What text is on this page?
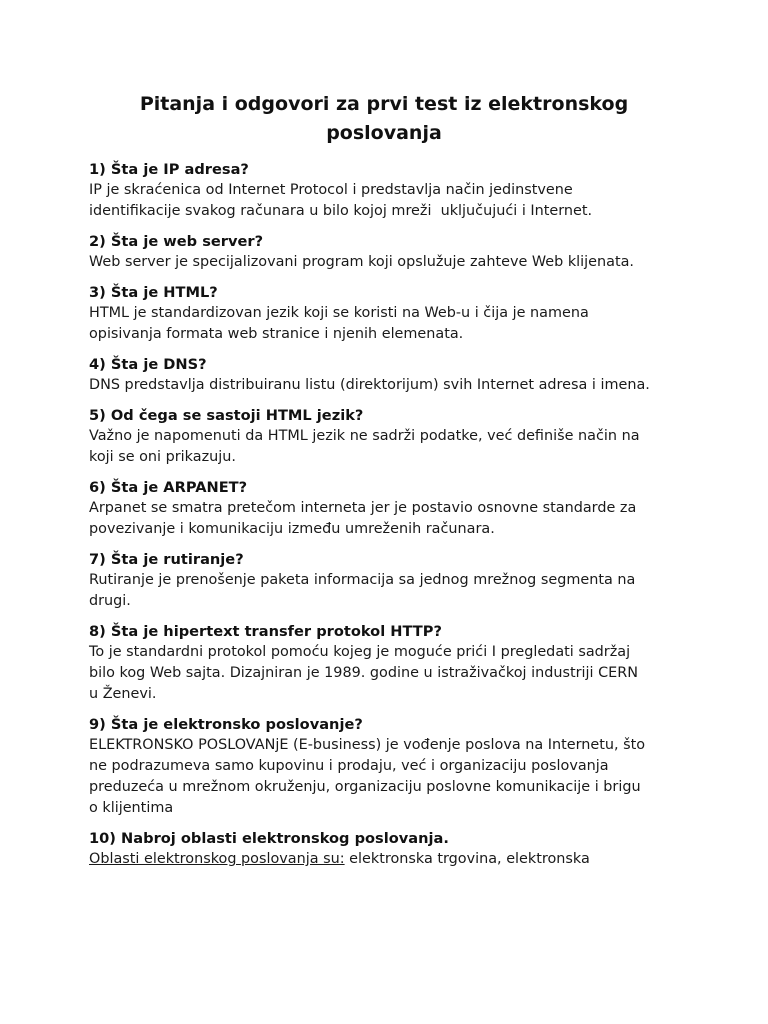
Pitanja i odgovori za prvi test iz elektronskog
poslovanja

1) Šta je IP adresa?

IP je skraćenica od Internet Protocol i predstavlja način jedinstvene
identifikacije svakog računara u bilo kojoj mreži  uključujući i Internet.

2) Šta je web server?

Web server je specijalizovani program koji opslužuje zahteve Web klijenata.

3) Šta je HTML?

HTML je standardizovan jezik koji se koristi na Web-u i čija je namena
opisivanja formata web stranice i njenih elemenata.

4) Šta je DNS?

DNS predstavlja distribuiranu listu (direktorijum) svih Internet adresa i imena.

5) Od čega se sastoji HTML jezik?

Važno je napomenuti da HTML jezik ne sadrži podatke, već definiše način na
koji se oni prikazuju.

6) Šta je ARPANET?

Arpanet se smatra pretečom interneta jer je postavio osnovne standarde za
povezivanje i komunikaciju između umreženih računara.

7) Šta je rutiranje?

Rutiranje je prenošenje paketa informacija sa jednog mrežnog segmenta na
drugi.

8) Šta je hipertext transfer protokol HTTP?

To je standardni protokol pomoću kojeg je moguće prići I pregledati sadržaj
bilo kog Web sajta. Dizajniran je 1989. godine u istraživačkoj industriji CERN
u Ženevi.

9) Šta je elektronsko poslovanje?

ELEKTRONSKO POSLOVANjE (E-business) je vođenje poslova na Internetu, što
ne podrazumeva samo kupovinu i prodaju, već i organizaciju poslovanja
preduzeća u mrežnom okruženju, organizaciju poslovne komunikacije i brigu
o klijentima

10) Nabroj oblasti elektronskog poslovanja.

Oblasti elektronskog poslovanja su: elektronska trgovina, elektronska
